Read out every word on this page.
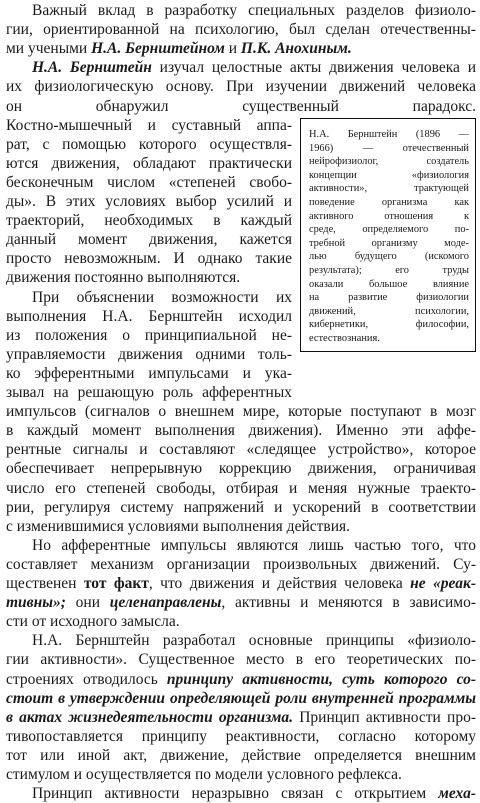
Важный вклад в разработку специальных разделов физиоло-
гии, ориентированной на психологию, был сделан отечественны-
ми учеными Н.А. Бернштейном и П.К. Анохиным.
Н.А. Бернштейн изучал целостные акты движения человека и
их физиологическую основу. При изучении движений человека
он обнаружил существенный парадокс.
Костно-мышечный и суставный аппа-
рат, с помощью которого осуществля-
ются движения, обладают практически
бесконечным числом «степеней свобо-
ды». В этих условиях выбор усилий и
траекторий, необходимых в каждый
данный момент движения, кажется
просто невозможным. И однако такие
движения постоянно выполняются.
При объяснении возможности их
выполнения Н.А. Бернштейн исходил
из положения о принципиальной не-
управляемости движения одними толь-
ко эфферентными импульсами и ука-
зывал на решающую роль афферентных
импульсов (сигналов о внешнем мире, которые поступают в мозг
в каждый момент выполнения движения). Именно эти аффе-
рентные сигналы и составляют «следящее устройство», которое
обеспечивает непрерывную коррекцию движения, ограничивая
число его степеней свободы, отбирая и меняя нужные траекто-
рии, регулируя систему напряжений и ускорений в соответствии
с изменившимися условиями выполнения действия.
Но афферентные импульсы являются лишь частью того, что
составляет механизм организации произвольных движений. Су-
щественен тот факт, что движения и действия человека не «реак-
тивны»; они целенаправлены, активны и меняются в зависимо-
сти от исходного замысла.
Н.А. Бернштейн разработал основные принципы «физиоло-
гии активности». Существенное место в его теоретических по-
строениях отводилось принципу активности, суть которого со-
стоит в утверждении определяющей роли внутренней программы
в актах жизнедеятельности организма. Принцип активности про-
тивопоставляется принципу реактивности, согласно которому
тот или иной акт, движение, действие определяется внешним
стимулом и осуществляется по модели условного рефлекса.
Принцип активности неразрывно связан с открытием меха-
Н.А. Бернштейн (1896 —
1966) — отечественный
нейрофизиолог, создатель
концепции «физиология
активности», трактующей
поведение организма как
активного отношения к
среде, определяемого по-
требной организму моде-
лью будущего (искомого
результата); его труды
оказали большое влияние
на развитие физиологии
движений, психологии,
кибернетики, философии,
естествознания.
